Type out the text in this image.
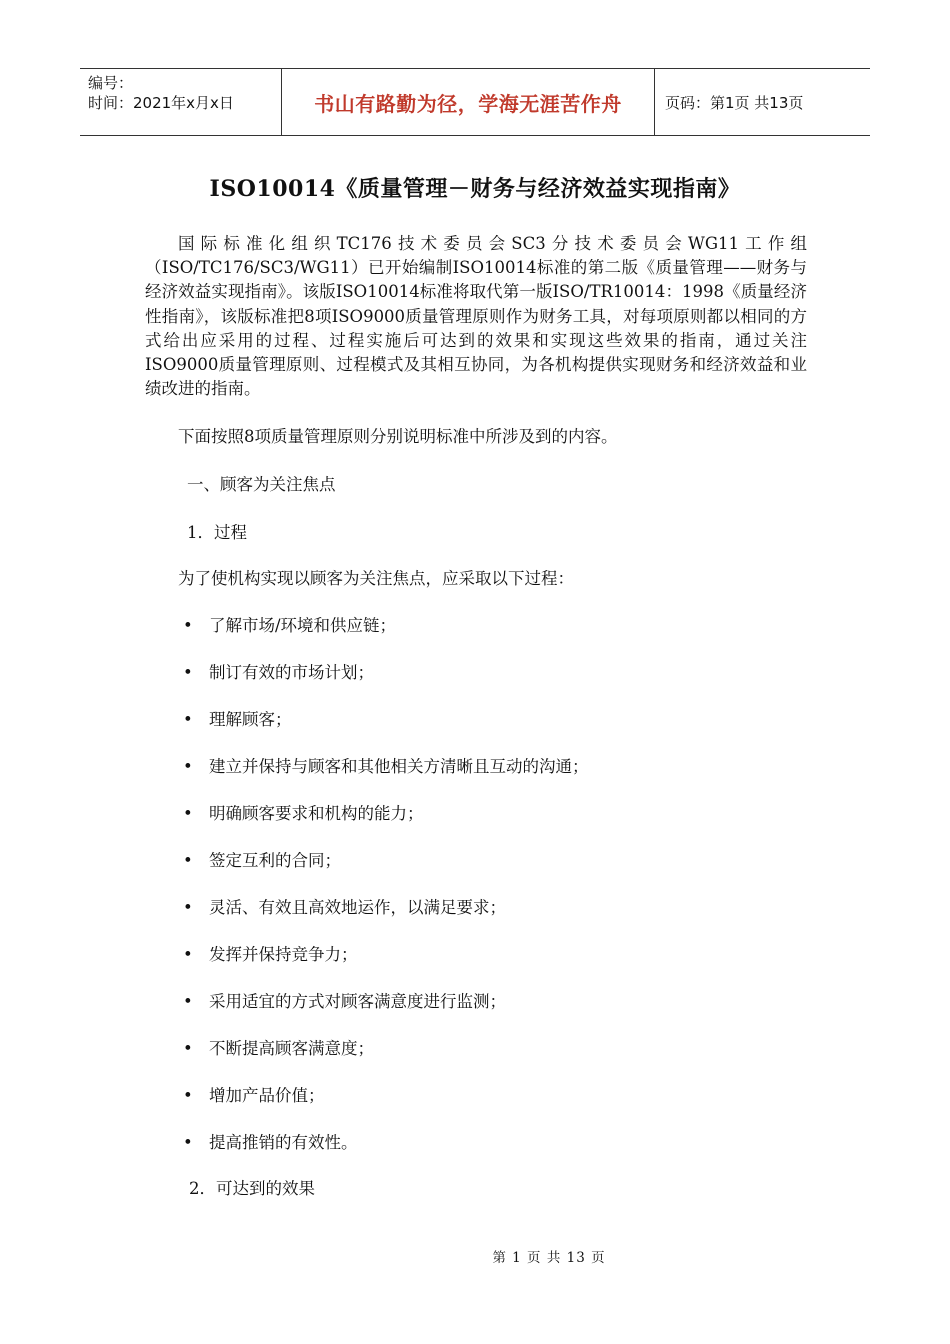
编号：
时间：2021年x月x日	书山有路勤为径，学海无涯苦作舟	页码：第1页 共13页
ISO10014《质量管理－财务与经济效益实现指南》

国际标准化组织TC176技术委员会SC3分技术委员会WG11工作组（ISO/TC176/SC3/WG11）已开始编制ISO10014标准的第二版《质量管理——财务与经济效益实现指南》。该版ISO10014标准将取代第一版ISO/TR10014：1998《质量经济性指南》，该版标准把8项ISO9000质量管理原则作为财务工具，对每项原则都以相同的方式给出应采用的过程、过程实施后可达到的效果和实现这些效果的指南，通过关注ISO9000质量管理原则、过程模式及其相互协同，为各机构提供实现财务和经济效益和业绩改进的指南。

下面按照8项质量管理原则分别说明标准中所涉及到的内容。

一、顾客为关注焦点

1．过程

为了使机构实现以顾客为关注焦点，应采取以下过程：

• 了解市场/环境和供应链；
• 制订有效的市场计划；
• 理解顾客；
• 建立并保持与顾客和其他相关方清晰且互动的沟通；
• 明确顾客要求和机构的能力；
• 签定互利的合同；
• 灵活、有效且高效地运作，以满足要求；
• 发挥并保持竞争力；
• 采用适宜的方式对顾客满意度进行监测；
• 不断提高顾客满意度；
• 增加产品价值；
• 提高推销的有效性。

2．可达到的效果

第 1 页 共 13 页
